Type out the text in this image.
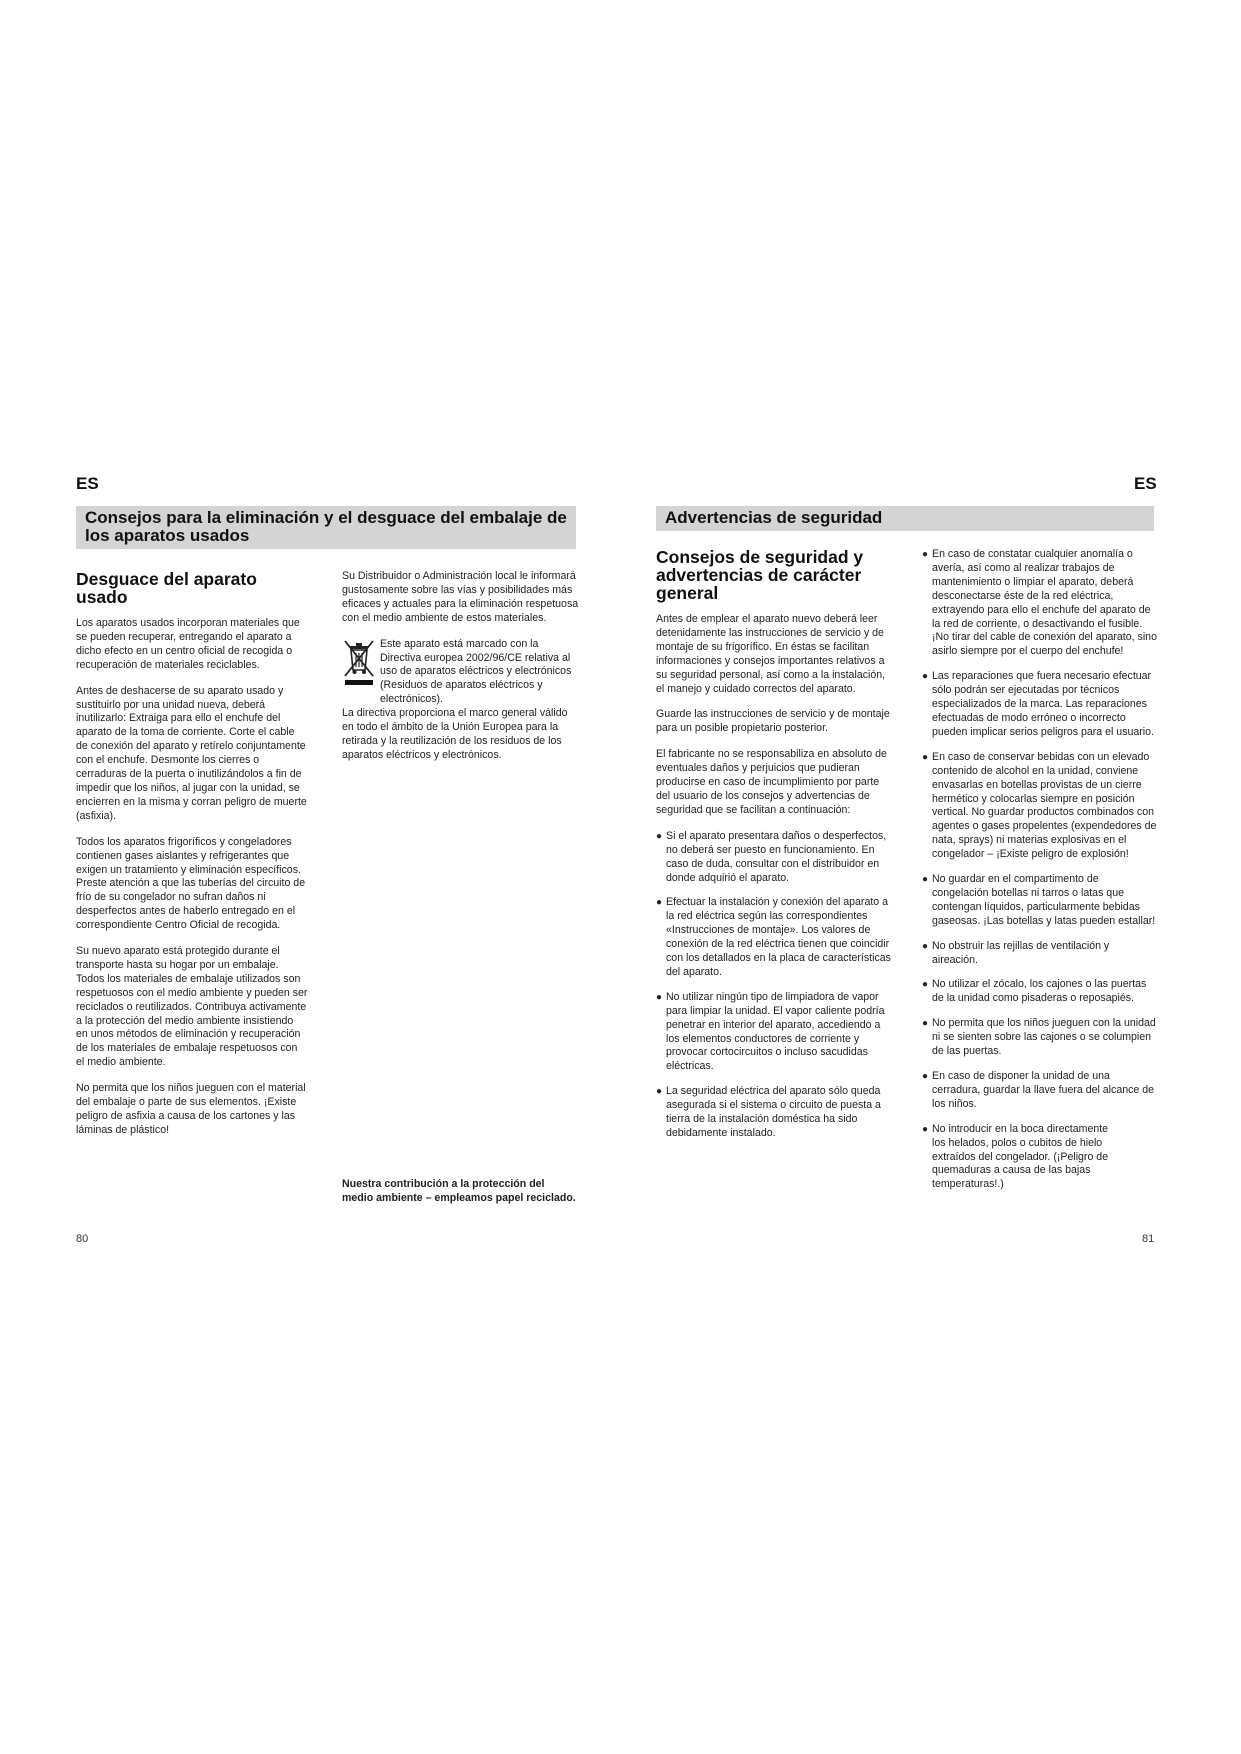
ES
Consejos para la eliminación y el desguace del embalaje de los aparatos usados
Desguace del aparato usado

Los aparatos usados incorporan materiales que se pueden recuperar, entregando el aparato a dicho efecto en un centro oficial de recogida o recuperación de materiales reciclables.

Antes de deshacerse de su aparato usado y sustituirlo por una unidad nueva, deberá inutilizarlo: Extraiga para ello el enchufe del aparato de la toma de corriente. Corte el cable de conexión del aparato y retírelo conjuntamente con el enchufe. Desmonte los cierres o cerraduras de la puerta o inutilizándolos a fin de impedir que los niños, al jugar con la unidad, se encierren en la misma y corran peligro de muerte (asfixia).

Todos los aparatos frigoríficos y congeladores contienen gases aislantes y refrigerantes que exigen un tratamiento y eliminación específicos. Preste atención a que las tuberías del circuito de frío de su congelador no sufran daños ni desperfectos antes de haberlo entregado en el correspondiente Centro Oficial de recogida.

Su nuevo aparato está protegido durante el transporte hasta su hogar por un embalaje. Todos los materiales de embalaje utilizados son respetuosos con el medio ambiente y pueden ser reciclados o reutilizados. Contribuya activamente a la protección del medio ambiente insistiendo en unos métodos de eliminación y recuperación de los materiales de embalaje respetuosos con el medio ambiente.

No permita que los niños jueguen con el material del embalaje o parte de sus elementos. ¡Existe peligro de asfixia a causa de los cartones y las láminas de plástico!

Su Distribuidor o Administración local le informará gustosamente sobre las vías y posibilidades más eficaces y actuales para la eliminación respetuosa con el medio ambiente de estos materiales.

Este aparato está marcado con la Directiva europea 2002/96/CE relativa al uso de aparatos eléctricos y electrónicos (Residuos de aparatos eléctricos y electrónicos).

La directiva proporciona el marco general válido en todo el ámbito de la Unión Europea para la retirada y la reutilización de los residuos de los aparatos eléctricos y electrónicos.

Nuestra contribución a la protección del medio ambiente – empleamos papel reciclado.
80
ES
Advertencias de seguridad
Consejos de seguridad y advertencias de carácter general

Antes de emplear el aparato nuevo deberá leer detenidamente las instrucciones de servicio y de montaje de su frigorífico. En éstas se facilitan informaciones y consejos importantes relativos a su seguridad personal, así como a la instalación, el manejo y cuidado correctos del aparato.

Guarde las instrucciones de servicio y de montaje para un posible propietario posterior.

El fabricante no se responsabiliza en absoluto de eventuales daños y perjuicios que pudieran producirse en caso de incumplimiento por parte del usuario de los consejos y advertencias de seguridad que se facilitan a continuación:

● Si el aparato presentara daños o desperfectos, no deberá ser puesto en funcionamiento. En caso de duda, consultar con el distribuidor en donde adquirió el aparato.
● Efectuar la instalación y conexión del aparato a la red eléctrica según las correspondientes «Instrucciones de montaje». Los valores de conexión de la red eléctrica tienen que coincidir con los detallados en la placa de características del aparato.
● No utilizar ningún tipo de limpiadora de vapor para limpiar la unidad. El vapor caliente podría penetrar en interior del aparato, accediendo a los elementos conductores de corriente y provocar cortocircuitos o incluso sacudidas eléctricas.
● La seguridad eléctrica del aparato sólo queda asegurada si el sistema o circuito de puesta a tierra de la instalación doméstica ha sido debidamente instalado.
● En caso de constatar cualquier anomalía o avería, así como al realizar trabajos de mantenimiento o limpiar el aparato, deberá desconectarse éste de la red eléctrica, extrayendo para ello el enchufe del aparato de la red de corriente, o desactivando el fusible. ¡No tirar del cable de conexión del aparato, sino asirlo siempre por el cuerpo del enchufe!
● Las reparaciones que fuera necesario efectuar sólo podrán ser ejecutadas por técnicos especializados de la marca. Las reparaciones efectuadas de modo erróneo o incorrecto pueden implicar serios peligros para el usuario.
● En caso de conservar bebidas con un elevado contenido de alcohol en la unidad, conviene envasarlas en botellas provistas de un cierre hermético y colocarlas siempre en posición vertical. No guardar productos combinados con agentes o gases propelentes (expendedores de nata, sprays) ni materias explosivas en el congelador – ¡Existe peligro de explosión!
● No guardar en el compartimento de congelación botellas ni tarros o latas que contengan líquidos, particularmente bebidas gaseosas. ¡Las botellas y latas pueden estallar!
● No obstruir las rejillas de ventilación y aireación.
● No utilizar el zócalo, los cajones o las puertas de la unidad como pisaderas o reposapiés.
● No permita que los niños jueguen con la unidad ni se sienten sobre las cajones o se columpien de las puertas.
● En caso de disponer la unidad de una cerradura, guardar la llave fuera del alcance de los niños.
● No introducir en la boca directamente los helados, polos o cubitos de hielo extraídos del congelador. (¡Peligro de quemaduras a causa de las bajas temperaturas!.)
81
